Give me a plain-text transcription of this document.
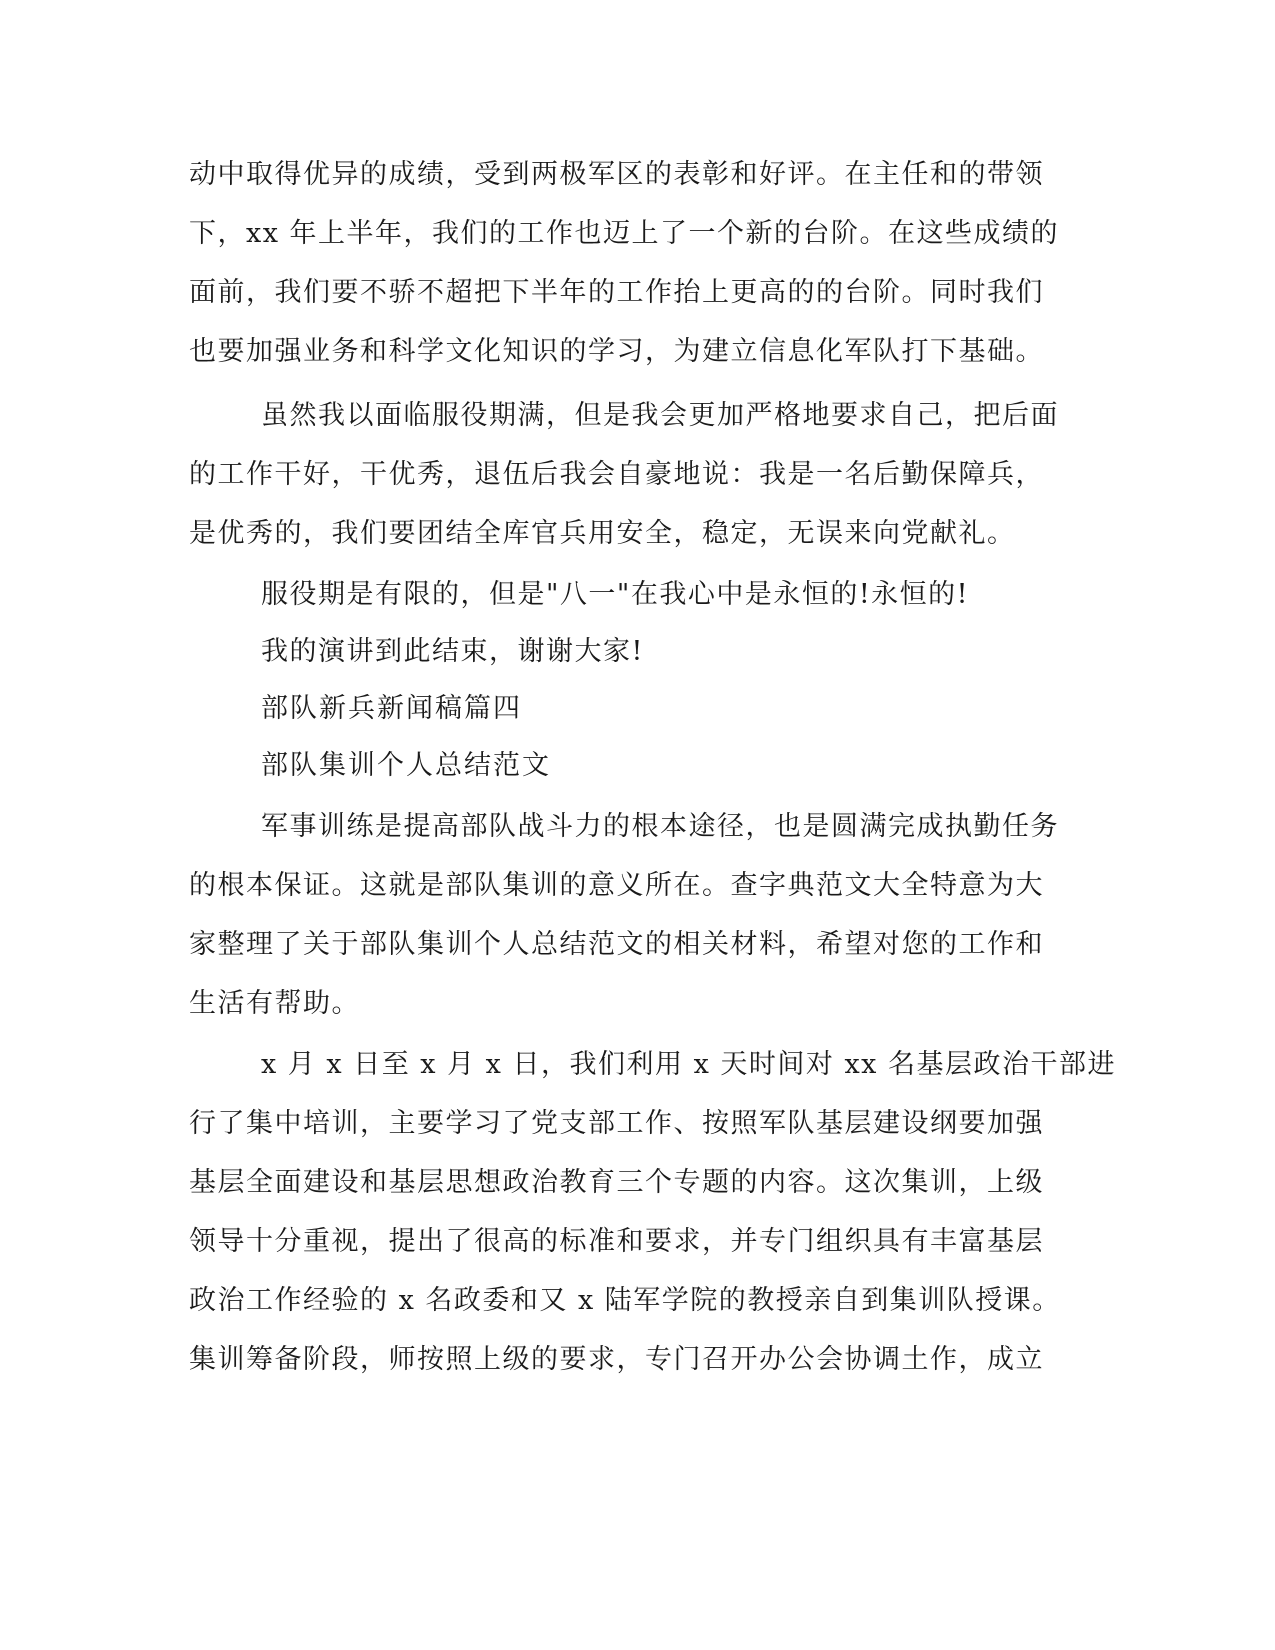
动中取得优异的成绩，受到两极军区的表彰和好评。在主任和的带领
下，xx 年上半年，我们的工作也迈上了一个新的台阶。在这些成绩的
面前，我们要不骄不超把下半年的工作抬上更高的的台阶。同时我们
也要加强业务和科学文化知识的学习，为建立信息化军队打下基础。
虽然我以面临服役期满，但是我会更加严格地要求自己，把后面
的工作干好，干优秀，退伍后我会自豪地说：我是一名后勤保障兵，
是优秀的，我们要团结全库官兵用安全，稳定，无误来向党献礼。
服役期是有限的，但是"八一"在我心中是永恒的!永恒的!
我的演讲到此结束，谢谢大家!
部队新兵新闻稿篇四
部队集训个人总结范文
军事训练是提高部队战斗力的根本途径，也是圆满完成执勤任务
的根本保证。这就是部队集训的意义所在。查字典范文大全特意为大
家整理了关于部队集训个人总结范文的相关材料，希望对您的工作和
生活有帮助。
x 月 x 日至 x 月 x 日，我们利用 x 天时间对 xx 名基层政治干部进
行了集中培训，主要学习了党支部工作、按照军队基层建设纲要加强
基层全面建设和基层思想政治教育三个专题的内容。这次集训，上级
领导十分重视，提出了很高的标准和要求，并专门组织具有丰富基层
政治工作经验的 x 名政委和又 x 陆军学院的教授亲自到集训队授课。
集训筹备阶段，师按照上级的要求，专门召开办公会协调土作，成立
